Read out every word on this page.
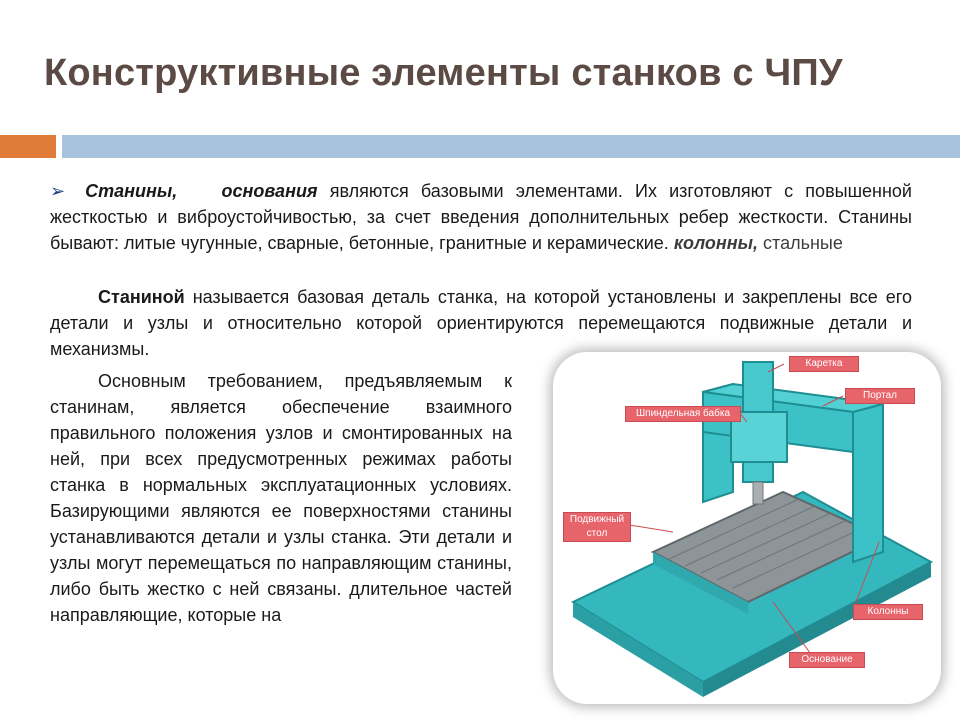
Конструктивные элементы станков с ЧПУ
➢ Станины, основания являются базовыми элементами. Их изготовляют с повышенной жесткостью и виброустойчивостью, за счет введения дополнительных ребер жесткости. Станины бывают: литые чугунные, сварные, бетонные, гранитные и керамические. колонны, стальные
Станиной называется базовая деталь станка, на которой установлены и закреплены все его детали и узлы и относительно которой ориентируются перемещаются подвижные детали и механизмы.
Основным требованием, предъявляемым к станинам, является обеспечение взаимного правильного положения узлов и смонтированных на ней, при всех предусмотренных режимах работы станка в нормальных эксплуатационных условиях. Базирующими являются ее поверхностями станины устанавливаются детали и узлы станка. Эти детали и узлы могут перемещаться по направляющим станины, либо быть жестко с ней связаны. длительное частей направляющие, которые на
Каретка
Портал
Шпиндельная бабка
Подвижный стол
Колонны
Основание
